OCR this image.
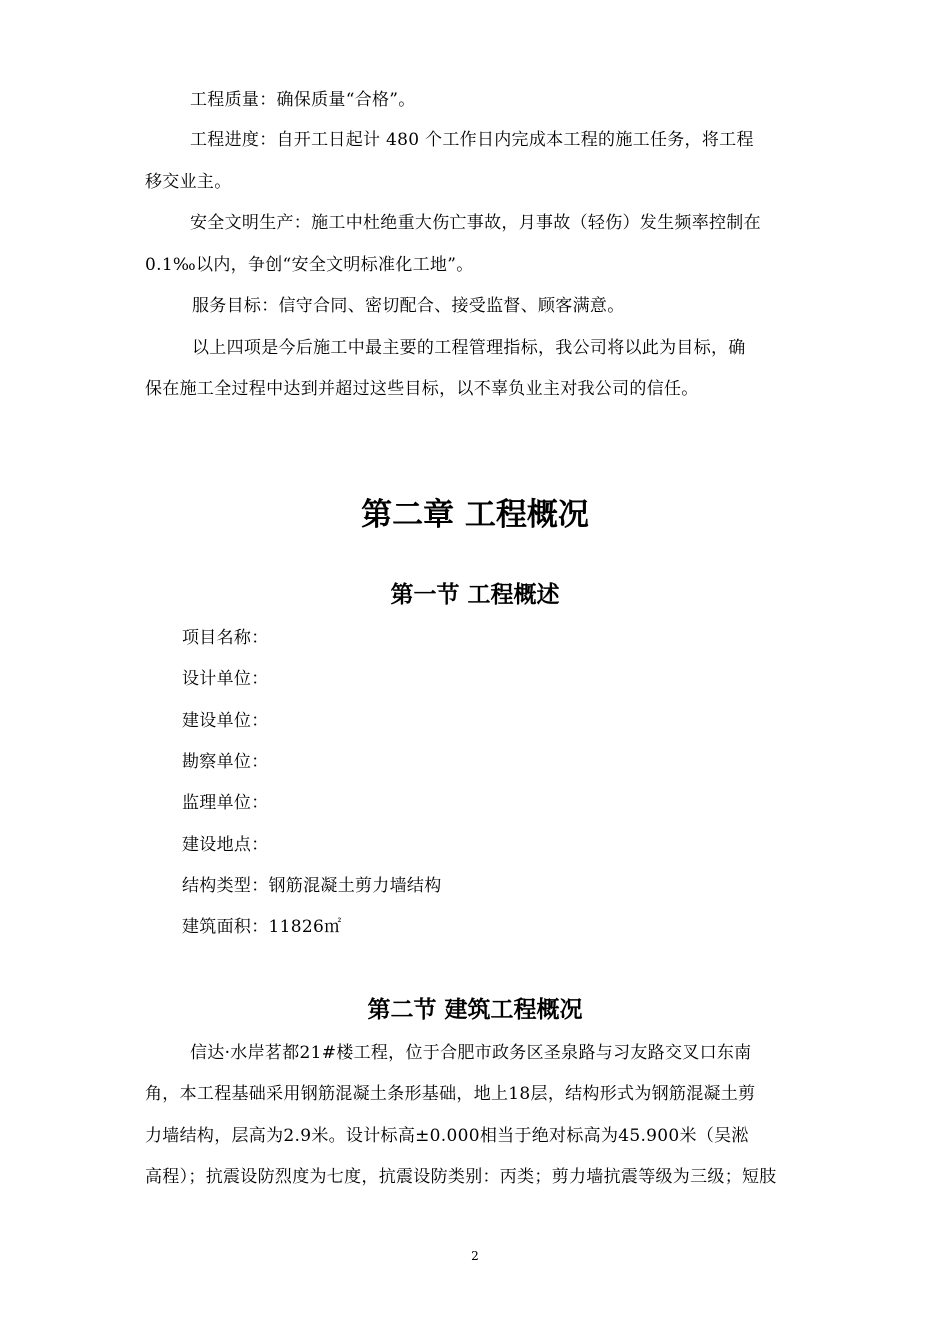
工程质量：确保质量“合格”。
工程进度：自开工日起计 480 个工作日内完成本工程的施工任务，将工程
移交业主。
安全文明生产：施工中杜绝重大伤亡事故，月事故（轻伤）发生频率控制在
0.1‰以内，争创“安全文明标准化工地”。
服务目标：信守合同、密切配合、接受监督、顾客满意。
以上四项是今后施工中最主要的工程管理指标，我公司将以此为目标，确
保在施工全过程中达到并超过这些目标，以不辜负业主对我公司的信任。
第二章 工程概况
第一节 工程概述
项目名称：
设计单位：
建设单位：
勘察单位：
监理单位：
建设地点：
结构类型：钢筋混凝土剪力墙结构
建筑面积：11826㎡
第二节 建筑工程概况
信达·水岸茗都21#楼工程，位于合肥市政务区圣泉路与习友路交叉口东南
角，本工程基础采用钢筋混凝土条形基础，地上18层，结构形式为钢筋混凝土剪
力墙结构，层高为2.9米。设计标高±0.000相当于绝对标高为45.900米（吴淞
高程）；抗震设防烈度为七度，抗震设防类别：丙类；剪力墙抗震等级为三级；短肢
2
